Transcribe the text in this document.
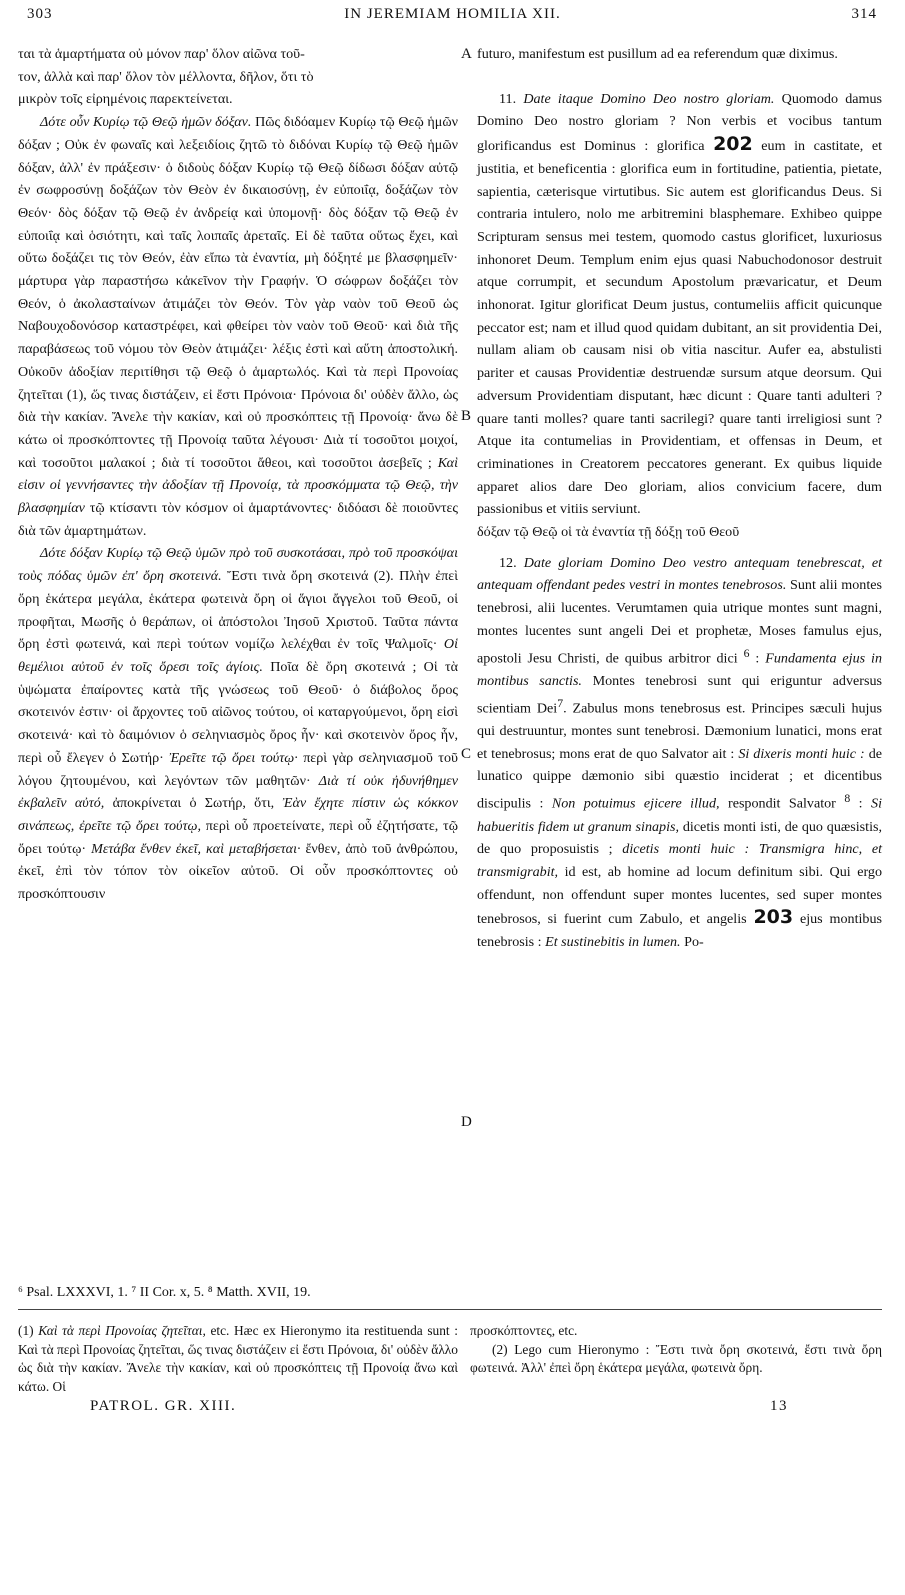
303	IN JEREMIAM HOMILIA XII.	314
A
B
C
D

ται τὰ ἁμαρτήματα οὐ μόνον παρ' ὅλον αἰῶνα τοῦ-
τον, ἀλλὰ καὶ παρ' ὅλον τὸν μέλλοντα, δῆλον, ὅτι τὸ
μικρὸν τοῖς εἰρημένοις παρεκτείνεται.

Δότε οὖν Κυρίῳ τῷ Θεῷ ἡμῶν δόξαν. Πῶς διδόαμεν Κυρίῳ τῷ Θεῷ ἡμῶν δόξαν ; Οὐκ ἐν φωναῖς καὶ λεξειδίοις ζητῶ τὸ διδόναι Κυρίῳ τῷ Θεῷ ἡμῶν δόξαν, ἀλλ' ἐν πράξεσιν· ὁ διδοὺς δόξαν Κυρίῳ τῷ Θεῷ δίδωσι δόξαν αὐτῷ ἐν σωφροσύνῃ δοξάζων τὸν Θεὸν ἐν δικαιοσύνῃ, ἐν εὐποιΐᾳ, δοξάζων τὸν Θεόν· δὸς δόξαν τῷ Θεῷ ἐν ἀνδρείᾳ καὶ ὑπομονῇ· δὸς δόξαν τῷ Θεῷ ἐν εὐποιΐᾳ καὶ ὁσιότητι, καὶ ταῖς λοιπαῖς ἀρεταῖς. Εἰ δὲ ταῦτα οὕτως ἔχει, καὶ οὕτω δοξάζει τις τὸν Θεόν, ἐὰν εἴπω τὰ ἐναντία, μὴ δόξητέ με βλασφημεῖν· μάρτυρα γὰρ παραστήσω κἀκεῖνον τὴν Γραφήν. Ὁ σώφρων δοξάζει τὸν Θεόν, ὁ ἀκολασταίνων ἀτιμάζει τὸν Θεόν. Τὸν γὰρ ναὸν τοῦ Θεοῦ ὡς Ναβουχοδονόσορ καταστρέφει, καὶ φθείρει τὸν ναὸν τοῦ Θεοῦ· καὶ διὰ τῆς παραβάσεως τοῦ νόμου τὸν Θεὸν ἀτιμάζει· λέξις ἐστὶ καὶ αὕτη ἀποστολική. Οὐκοῦν ἀδοξίαν περιτίθησι τῷ Θεῷ ὁ ἁμαρτωλός. Καὶ τὰ περὶ Προνοίας ζητεῖται (1), ὥς τινας διστάζειν, εἰ ἔστι Πρόνοια· Πρόνοια δι' οὐδὲν ἄλλο, ὡς διὰ τὴν κακίαν. Ἄνελε τὴν κακίαν, καὶ οὐ προσκόπτεις τῇ Προνοίᾳ· ἄνω δὲ κάτω οἱ προσκόπτοντες τῇ Προνοίᾳ ταῦτα λέγουσι· Διὰ τί τοσοῦτοι μοιχοί, καὶ τοσοῦτοι μαλακοί ; διὰ τί τοσοῦτοι ἄθεοι, καὶ τοσοῦτοι ἀσεβεῖς ; Καὶ εἰσιν οἱ γεννήσαντες τὴν ἀδοξίαν τῇ Προνοίᾳ, τὰ προσκόμματα τῷ Θεῷ, τὴν βλασφημίαν τῷ κτίσαντι τὸν κόσμον οἱ ἁμαρτάνοντες· διδόασι δὲ ποιοῦντες διὰ τῶν ἁμαρτημάτων.

Δότε δόξαν Κυρίῳ τῷ Θεῷ ὑμῶν πρὸ τοῦ συσκοτάσαι, πρὸ τοῦ προσκόψαι τοὺς πόδας ὑμῶν ἐπ' ὄρη σκοτεινά. Ἔστι τινὰ ὄρη σκοτεινά (2). Πλὴν ἐπεὶ ὄρη ἑκάτερα μεγάλα, ἑκάτερα φωτεινὰ ὄρη οἱ ἅγιοι ἄγγελοι τοῦ Θεοῦ, οἱ προφῆται, Μωσῆς ὁ θεράπων, οἱ ἀπόστολοι Ἰησοῦ Χριστοῦ. Ταῦτα πάντα ὄρη ἐστὶ φωτεινά, καὶ περὶ τούτων νομίζω λελέχθαι ἐν τοῖς Ψαλμοῖς· Οἱ θεμέλιοι αὐτοῦ ἐν τοῖς ὄρεσι τοῖς ἁγίοις. Ποῖα δὲ ὄρη σκοτεινά ; Οἱ τὰ ὑψώματα ἐπαίροντες κατὰ τῆς γνώσεως τοῦ Θεοῦ· ὁ διάβολος ὄρος σκοτεινόν ἐστιν· οἱ ἄρχοντες τοῦ αἰῶνος τούτου, οἱ καταργούμενοι, ὄρη εἰσὶ σκοτεινά· καὶ τὸ δαιμόνιον ὁ σεληνιασμὸς ὄρος ἦν· καὶ σκοτεινὸν ὄρος ἦν, περὶ οὗ ἔλεγεν ὁ Σωτήρ· Ἐρεῖτε τῷ ὄρει τούτῳ· περὶ γὰρ σεληνιασμοῦ τοῦ λόγου ζητουμένου, καὶ λεγόντων τῶν μαθητῶν· Διὰ τί οὐκ ἠδυνήθημεν ἐκβαλεῖν αὐτό, ἀποκρίνεται ὁ Σωτήρ, ὅτι, Ἐὰν ἔχητε πίστιν ὡς κόκκον σινάπεως, ἐρεῖτε τῷ ὄρει τούτῳ, περὶ οὗ προετείνατε, περὶ οὗ ἐζητήσατε, τῷ ὄρει τούτῳ· Μετάβα ἔνθεν ἐκεῖ, καὶ μεταβήσεται· ἔνθεν, ἀπὸ τοῦ ἀνθρώπου, ἐκεῖ, ἐπὶ τὸν τόπον τὸν οἰκεῖον αὐτοῦ. Οἱ οὖν προσκόπτοντες οὐ προσκόπτουσιν

futuro, manifestum est pusillum ad ea referendum quæ diximus.

11. Date itaque Domino Deo nostro gloriam. Quomodo damus Domino Deo nostro gloriam ? Non verbis et vocibus tantum glorificandus est Dominus : glorifica 202 eum in castitate, et justitia, et beneficentia : glorifica eum in fortitudine, patientia, pietate, sapientia, cæterisque virtutibus. Sic autem est glorificandus Deus. Si contraria intulero, nolo me arbitremini blasphemare. Exhibeo quippe Scripturam sensus mei testem, quomodo castus glorificet, luxuriosus inhonoret Deum. Templum enim ejus quasi Nabuchodonosor destruit atque corrumpit, et secundum Apostolum prævaricatur, et Deum inhonorat. Igitur glorificat Deum justus, contumeliis afficit quicunque peccator est; nam et illud quod quidam dubitant, an sit providentia Dei, nullam aliam ob causam nisi ob vitia nascitur. Aufer ea, abstulisti pariter et causas Providentiæ destruendæ sursum atque deorsum. Qui adversum Providentiam disputant, hæc dicunt : Quare tanti adulteri ? quare tanti molles? quare tanti sacrilegi? quare tanti irreligiosi sunt ? Atque ita contumelias in Providentiam, et offensas in Deum, et criminationes in Creatorem peccatores generant. Ex quibus liquide apparet alios dare Deo gloriam, alios convicium facere, dum passionibus et vitiis serviunt.

δόξαν τῷ Θεῷ οἱ τὰ ἐναντία τῇ δόξῃ τοῦ Θεοῦ

12. Date gloriam Domino Deo vestro antequam tenebrescat, et antequam offendant pedes vestri in montes tenebrosos. Sunt alii montes tenebrosi, alii lucentes. Verumtamen quia utrique montes sunt magni, montes lucentes sunt angeli Dei et prophetæ, Moses famulus ejus, apostoli Jesu Christi, de quibus arbitror dici $^6$ : Fundamenta ejus in montibus sanctis. Montes tenebrosi sunt qui eriguntur adversus scientiam Dei$^7$. Zabulus mons tenebrosus est. Principes sæculi hujus qui destruuntur, montes sunt tenebrosi. Dæmonium lunatici, mons erat et tenebrosus; mons erat de quo Salvator ait : Si dixeris monti huic : de lunatico quippe dæmonio sibi quæstio inciderat ; et dicentibus discipulis : Non potuimus ejicere illud, respondit Salvator $^8$ : Si habueritis fidem ut granum sinapis, dicetis monti isti, de quo quæsistis, de quo proposuistis ; dicetis monti huic : Transmigra hinc, et transmigrabit, id est, ab homine ad locum definitum sibi. Qui ergo offendunt, non offendunt super montes lucentes, sed super montes tenebrosos, si fuerint cum Zabulo, et angelis 203 ejus montibus tenebrosis : Et sustinebitis in lumen. Po-

⁶ Psal. LXXXVI, 1. ⁷ II Cor. x, 5. ⁸ Matth. XVII, 19.

(1) Καὶ τὰ περὶ Προνοίας ζητεῖται, etc. Hæc ex Hieronymo ita restituenda sunt : Καὶ τὰ περὶ Προνοίας ζητεῖται, ὥς τινας διστάζειν εἰ ἔστι Πρόνοια, δι' οὐδὲν ἄλλο ὡς διὰ τὴν κακίαν. Ἄνελε τὴν κακίαν, καὶ οὐ προσκόπτεις τῇ Προνοίᾳ ἄνω καὶ κάτω. Οἱ

προσκόπτοντες, etc.

(2) Lego cum Hieronymo : Ἔστι τινὰ ὄρη σκοτεινά, ἔστι τινὰ ὄρη φωτεινά. Ἀλλ' ἐπεὶ ὄρη ἑκάτερα μεγάλα, φωτεινὰ ὄρη.

PATROL. GR. XIII.	13
